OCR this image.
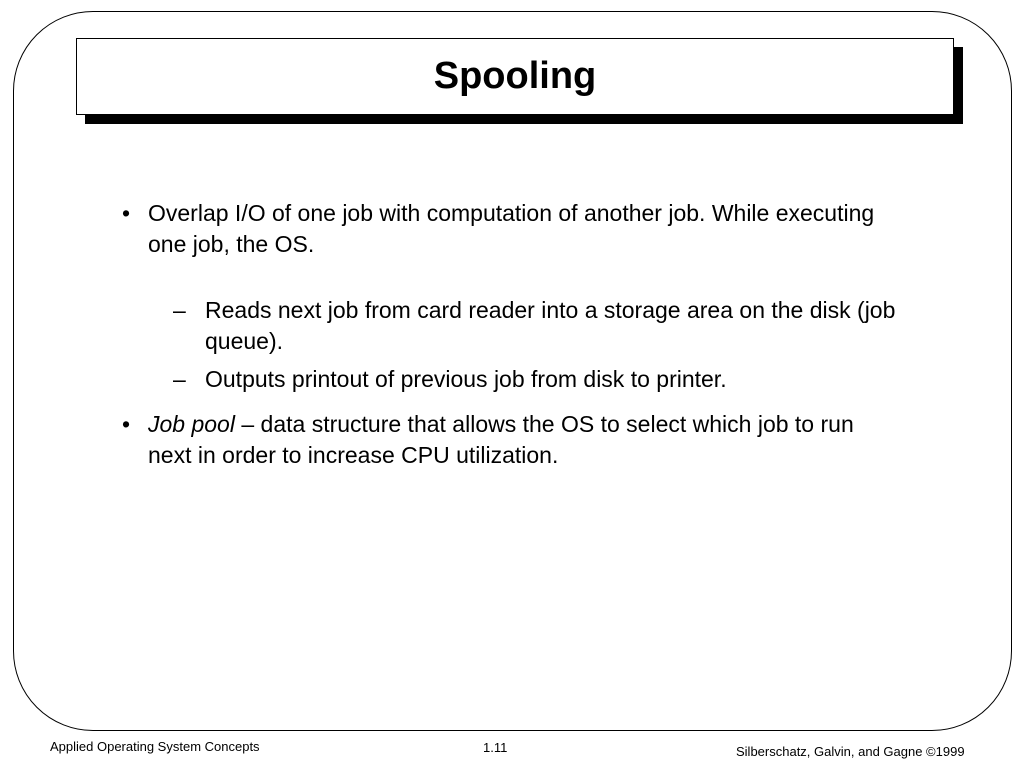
Spooling
• Overlap I/O of one job with computation of another job. While executing one job, the OS.
– Reads next job from card reader into a storage area on the disk (job queue).
– Outputs printout of previous job from disk to printer.
• Job pool – data structure that allows the OS to select which job to run next in order to increase CPU utilization.
Applied Operating System Concepts	1.11	Silberschatz, Galvin, and Gagne ©1999
